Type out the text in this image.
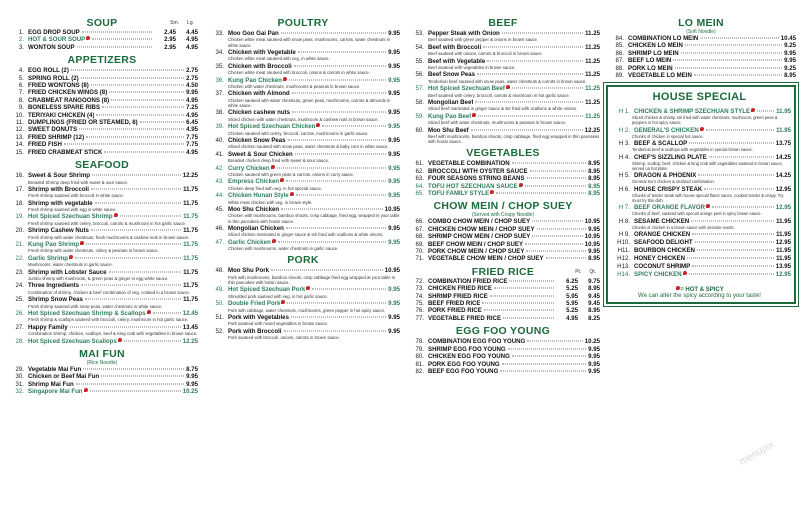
SOUP	Sm. Lg.
1. EGG DROP SOUP	2.45	4.45
2. HOT & SOUR SOUP	2.95	4.95
3. WONTON SOUP	2.95	4.95
APPETIZERS
4. EGG ROLL (2)	2.75
5. SPRING ROLL (2)	2.75
6. FRIED WONTONS (8)	4.50
7. FRIED CHICKEN WINGS (8)	9.95
8. CRABMEAT RANGOONS (8)	4.95
9. BONELESS SPARE RIBS	7.25
10. TERIYAKI CHICKEN (4)	4.95
11. DUMPLINGS (FRIED OR STEAMED, 8)	6.45
12. SWEET DONUTS	4.95
13. FRIED SHRIMP (12)	7.75
14. FRIED FISH	7.75
15. FRIED CRABMEAT STICK	4.95
SEAFOOD
16. Sweet & Sour Shrimp	12.25
Breaded Shrimp deep fried with sweet & sour sauce.
17. Shrimp with Broccoli	11.75
Fresh shrimp sauteed with broccoli in white sauce.
18. Shrimp with vegetable	11.75
Fresh shrimp sauteed with egg in white sauce.
19. Hot Spiced Szechuan Shrimp	11.75
Fresh shrimp sauteed with celery, broccoli, carrots & mushroom in hot garlic sauce.
20. Shrimp Cashew Nuts	11.75
Fresh shrimp with water chestnuts, fresh mushrooms & cashew nuts in brown sauce.
21. Kung Pao Shrimp	11.75
Fresh shrimp with water chestnuts, celery & peanuts in brown sauce.
22. Garlic Shrimp	11.75
Mushrooms, water chestnuts in garlic sauce.
23. Shrimp with Lobster Sauce	11.75
Jumbo shrimp with mushroom, & green peas & ginger in egg white sauce.
24. Three Ingredients	11.75
Combination of shrimp, chicken & beef combination of veg. cooked in a brown sauce.
25. Shrimp Snow Peas	11.75
Fresh shrimp sauteed with snow peas, water chestnuts in white sauce.
26. Hot Spiced Szechuan Shrimp & Scallops	12.45
Fresh shrimp & scallops sauteed with broccoli, celery, mushroom in hot garlic sauce.
27. Happy Family	13.45
Combination shrimp, chicken, scallops, beef & King crab with vegetables in brown sauce.
28. Hot Spiced Szechuan Scallops	12.25
MAI FUN
(Rice Noodle)
29. Vegetable Mai Fun	8.75
30. Chicken or Beef Mai Fun	9.95
31. Shrimp Mai Fun	9.95
32. Singapore Mai Fun	10.25
POULTRY
33. Moo Goo Gai Pan	9.95
Chicken white meat sauteed with snow peas, mushrooms, carrots, water chestnuts in white sauce.
34. Chicken with Vegetable	9.95
Chicken white meat sauteed with veg. in white sauce.
35. Chicken with Broccoli	9.95
Chicken white meat sauteed with broccoli, onions & carrots in white sauce.
36. Kung Pao Chicken	9.95
Chicken with water chestnuts, mushrooms & peanuts in brown sauce.
37. Chicken with Almond	9.95
Chicken sauteed with water chestnuts, green peas, mushrooms, carrots & almonds in white sauce.
38. Chicken cashew nuts	9.95
Sliced chicken with water chestnuts, mushroom & cashew nuts in brown sauce.
39. Hot Spiced Szechuan Chicken	9.95
Chicken sauteed with celery, broccoli, carrots, mushrooms in garlic sauce.
40. Chicken Snow Peas	9.95
Sliced chicken sauteed with snow peas, water chestnuts & baby corn in white sauce.
41. Sweet & Sour Chicken	9.95
Breaded chicken deep fried with sweet & sour sauce.
42. Curry Chicken	9.95
Chicken sauteed with green peas & carrots, onions in curry sauce.
43. Empress Chicken	9.95
Chicken deep fried with veg. in hot special sauce.
44. Chicken Hunan Style	9.95
White meat chicken with veg. in brown style.
45. Moo Shu Chicken	10.95
Chicken with mushrooms, bamboo shoots, crisp cabbage, fried egg, wrapped in your table in thin pancakes with hoisin sauce.
46. Mongolian Chicken	9.95
Sliced chicken marinated in ginger sauce & stir fried with scallions & white onions.
47. Garlic Chicken	9.95
Chicken with mushrooms, water chestnuts in garlic sauce.
PORK
48. Moo Shu Pork	10.95
Pork with mushrooms, bamboo shoots, crisp cabbage fried egg wrapped at your table in thin pancakes with hoisin sauce.
49. Hot Spiced Szechuan Pork	9.95
Shredded pork sauteed with veg. in hot garlic sauce.
50. Double Fried Pork	9.95
Pork with cabbage, water chestnuts, mushrooms, green pepper in hot spicy sauce.
51. Pork with Vegetables	9.95
Pork sauteed with mixed vegetables in brown sauce.
52. Pork with Broccoli	9.95
Pork sauteed with broccoli, onions, carrots in brown sauce.
BEEF
53. Pepper Steak with Onion	11.25
Beef sauteed with green pepper & onions in brown sauce.
54. Beef with Broccoli	11.25
Beef sauteed with onions, carrots & broccoli in brown sauce.
55. Beef with Vegetable	11.25
Beef sauteed with vegetables in brown sauce.
56. Beef Snow Peas	11.25
Tenderloin beef sauteed with snow peas, water chestnuts & carrots in brown sauce.
57. Hot Spiced Szechuan Beef	11.25
Beef sauteed with celery, broccoli, carrots & mushroom in hot garlic sauce.
58. Mongolian Beef	11.25
Sliced beef marinated in ginger sauce & stir fried with scallions & white onions.
59. Kung Pao Beef	11.25
Sliced beef with water chestnuts, mushrooms & peanuts in brown sauce.
60. Moo Shu Beef	12.25
Beef with mushrooms, bamboo shoots, crisp cabbage, fried egg wrapped in thin pancakes with hoisin sauce.
VEGETABLES
61. VEGETABLE COMBINATION	8.95
62. BROCCOLI WITH OYSTER SAUCE	8.95
63. FOUR SEASONS STRING BEANS	8.95
64. TOFU HOT SZECHUAN SAUCE	8.95
65. TOFU FAMILY STYLE	8.95
CHOW MEIN / CHOP SUEY
(Served with Crispy Noodle)
66. COMBO CHOW MEIN / CHOP SUEY	10.95
67. CHICKEN CHOW MEIN / CHOP SUEY	9.95
68. SHRIMP CHOW MEIN / CHOP SUEY	10.95
69. BEEF CHOW MEIN / CHOP SUEY	10.95
70. PORK CHOW MEIN / CHOP SUEY	9.95
71. VEGETABLE CHOW MEIN / CHOP SUEY	8.95
FRIED RICE	Pt. Qt.
72. COMBINATION FRIED RICE	6.25	9.75
73. CHICKEN FRIED RICE	5.25	8.95
74. SHRIMP FRIED RICE	5.95	9.45
75. BEEF FRIED RICE	5.95	9.45
76. PORK FRIED RICE	5.25	8.95
77. VEGETABLE FRIED RICE	4.95	8.25
EGG FOO YOUNG
78. COMBINATION EGG FOO YOUNG	10.25
79. SHRIMP EGG FOO YOUNG	9.95
80. CHICKEN EGG FOO YOUNG	9.95
81. PORK EGG FOO YOUNG	9.95
82. BEEF EGG FOO YOUNG	9.95
LO MEIN
(Soft Noodle)
84. COMBINATION LO MEIN	10.45
85. CHICKEN LO MEIN	9.25
86. SHRIMP LO MEIN	9.95
87. BEEF LO MEIN	9.95
88. PORK LO MEIN	9.25
89. VEGETABLE LO MEIN	8.95
HOUSE SPECIAL
H 1. CHICKEN & SHRIMP SZECHUAN STYLE	11.95
Sliced chicken & shrimp stir fried with water chestnuts, mushroom, green peas & peppers in hot spicy sauce.
H 2. GENERAL'S CHICKEN	11.95
Chunks of chicken in special hot sauce.
H 3. BEEF & SCALLOP	13.75
Tenderloin beef & scallops with vegetables in special brown sauce.
H 4. CHEF'S SIZZLING PLATE	14.25
Shrimp, scallop, beef, chicken & king crab with vegetables sauteed in brown sauce, served on hot plate.
H 5. DRAGON & PHOENIX	14.25
General tso's chicken & seafood combination.
H 6. HOUSE CRISPY STEAK	12.95
Chunks of tender steak with house special flavor sauce, cooked tender & crispy. Try must try this dish.
H 7. BEEF ORANGE FLAVOR	12.95
Chunks of beef, sauteed with special orange peel in spicy brown sauce.
H 8. SESAME CHICKEN	11.95
Chunks of chicken in a brown sauce with sesame seeds.
H 9. ORANGE CHICKEN	11.95
H10. SEAFOOD DELIGHT	12.95
H11. BOURBON CHICKEN	11.95
H12. HONEY CHICKEN	11.95
H13. COCONUT SHRIMP	13.95
H14. SPICY CHICKEN	12.95
= HOT & SPICY
We can alter the spicy according to your taste!
menupix
